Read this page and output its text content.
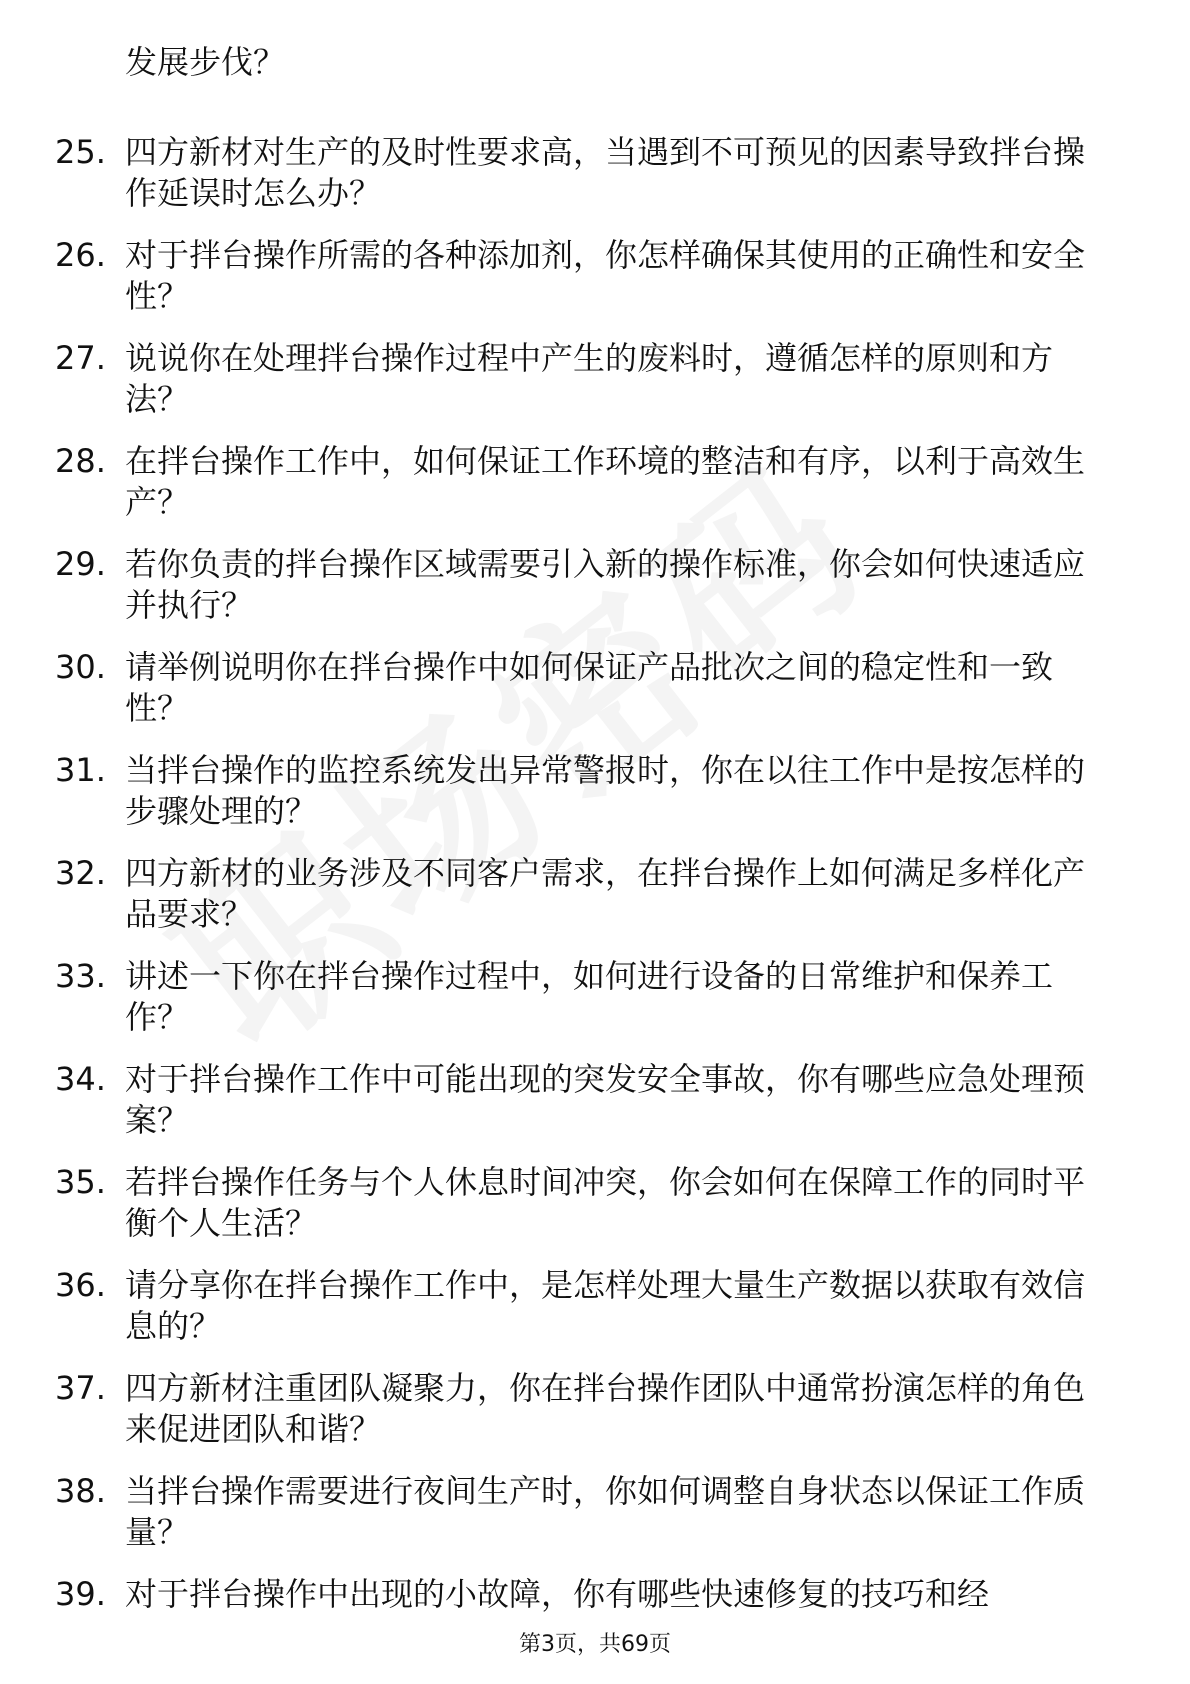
发展步伐？
25. 四方新材对生产的及时性要求高，当遇到不可预见的因素导致拌台操作延误时怎么办？
26. 对于拌台操作所需的各种添加剂，你怎样确保其使用的正确性和安全性？
27. 说说你在处理拌台操作过程中产生的废料时，遵循怎样的原则和方法？
28. 在拌台操作工作中，如何保证工作环境的整洁和有序，以利于高效生产？
29. 若你负责的拌台操作区域需要引入新的操作标准，你会如何快速适应并执行？
30. 请举例说明你在拌台操作中如何保证产品批次之间的稳定性和一致性？
31. 当拌台操作的监控系统发出异常警报时，你在以往工作中是按怎样的步骤处理的？
32. 四方新材的业务涉及不同客户需求，在拌台操作上如何满足多样化产品要求？
33. 讲述一下你在拌台操作过程中，如何进行设备的日常维护和保养工作？
34. 对于拌台操作工作中可能出现的突发安全事故，你有哪些应急处理预案？
35. 若拌台操作任务与个人休息时间冲突，你会如何在保障工作的同时平衡个人生活？
36. 请分享你在拌台操作工作中，是怎样处理大量生产数据以获取有效信息的？
37. 四方新材注重团队凝聚力，你在拌台操作团队中通常扮演怎样的角色来促进团队和谐？
38. 当拌台操作需要进行夜间生产时，你如何调整自身状态以保证工作质量？
39. 对于拌台操作中出现的小故障，你有哪些快速修复的技巧和经
第3页，共69页
